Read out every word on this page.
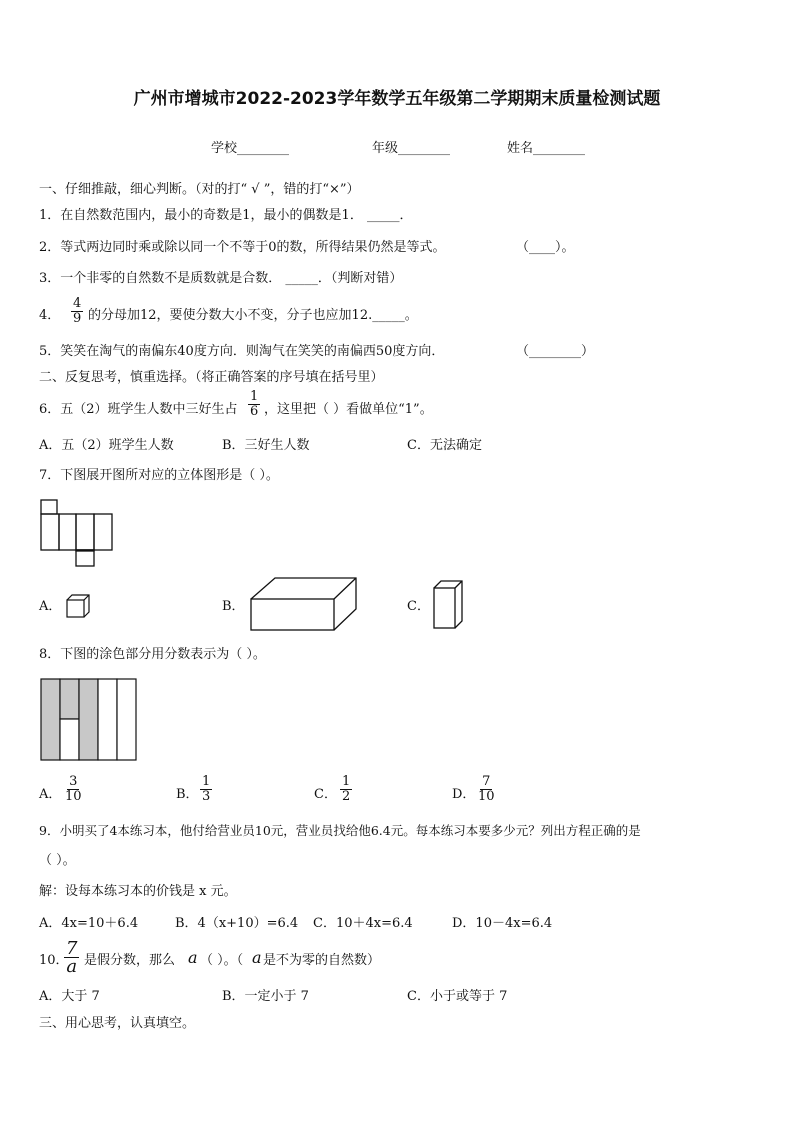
广州市增城市2022-2023学年数学五年级第二学期期末质量检测试题
学校________	年级________	姓名________
一、仔细推敲，细心判断。（对的打“ √ ”，错的打“×”）
1．在自然数范围内，最小的奇数是1，最小的偶数是1． _____．
2．等式两边同时乘或除以同一个不等于0的数，所得结果仍然是等式。	（____）。
3．一个非零的自然数不是质数就是合数． _____．（判断对错）
4． $\frac{4}{9}$ 的分母加12，要使分数大小不变，分子也应加12._____。
5．笑笑在淘气的南偏东40度方向．则淘气在笑笑的南偏西50度方向．	（________）
二、反复思考，慎重选择。（将正确答案的序号填在括号里）
6．五（2）班学生人数中三好生占 $\frac{1}{6}$ ，这里把（ ）看做单位“1”。
A．五（2）班学生人数	B．三好生人数	C．无法确定
7．下图展开图所对应的立体图形是（ ）。
A．	B．	C．
8．下图的涂色部分用分数表示为（ ）。
A． $\frac{3}{10}$	B． $\frac{1}{3}$	C． $\frac{1}{2}$	D． $\frac{7}{10}$
9．小明买了4本练习本，他付给营业员10元，营业员找给他6.4元。每本练习本要多少元？列出方程正确的是
（ ）。
解：设每本练习本的价钱是 x 元。
A．4x=10＋6.4	B．4（x+10）=6.4 C．10＋4x=6.4	D．10－4x=6.4
10．
$\frac{7}{a}$ 是假分数，那么 a （ ）。（ a 是不为零的自然数）
A．大于 7	B．一定小于 7	C．小于或等于 7
三、用心思考，认真填空。
